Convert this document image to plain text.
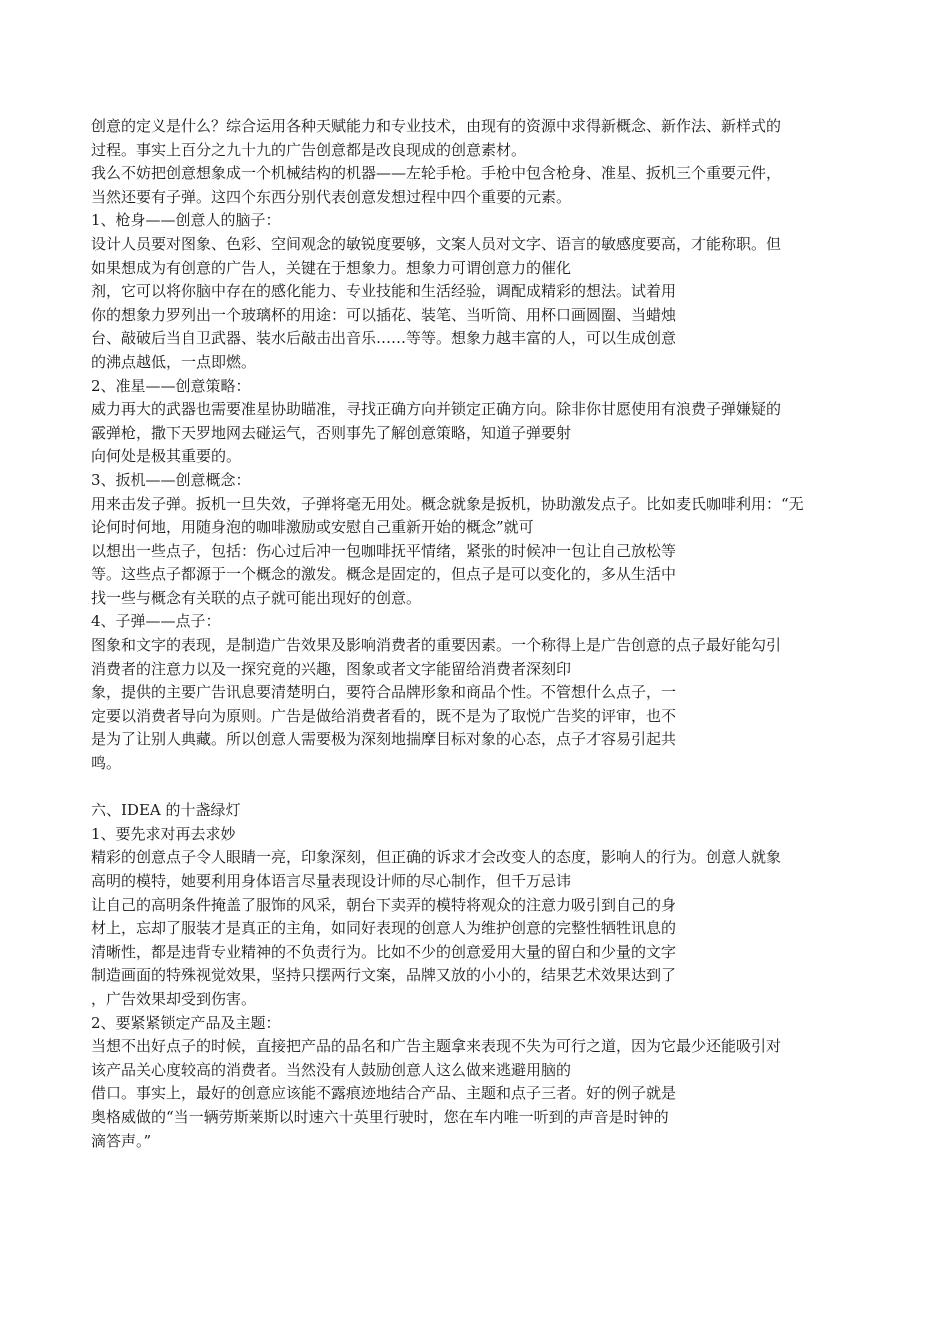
创意的定义是什么？综合运用各种天赋能力和专业技术，由现有的资源中求得新概念、新作法、新样式的
过程。事实上百分之九十九的广告创意都是改良现成的创意素材。
我么不妨把创意想象成一个机械结构的机器——左轮手枪。手枪中包含枪身、准星、扳机三个重要元件，
当然还要有子弹。这四个东西分别代表创意发想过程中四个重要的元素。
1、枪身——创意人的脑子：
设计人员要对图象、色彩、空间观念的敏锐度要够，文案人员对文字、语言的敏感度要高，才能称职。但
如果想成为有创意的广告人，关键在于想象力。想象力可谓创意力的催化
剂，它可以将你脑中存在的感化能力、专业技能和生活经验，调配成精彩的想法。试着用
你的想象力罗列出一个玻璃杯的用途：可以插花、装笔、当听筒、用杯口画圆圈、当蜡烛
台、敲破后当自卫武器、装水后敲击出音乐……等等。想象力越丰富的人，可以生成创意
的沸点越低，一点即燃。
2、准星——创意策略：
威力再大的武器也需要准星协助瞄准，寻找正确方向并锁定正确方向。除非你甘愿使用有浪费子弹嫌疑的
霰弹枪，撒下天罗地网去碰运气，否则事先了解创意策略，知道子弹要射
向何处是极其重要的。
3、扳机——创意概念：
用来击发子弹。扳机一旦失效，子弹将毫无用处。概念就象是扳机，协助激发点子。比如麦氏咖啡利用：“无
论何时何地，用随身泡的咖啡激励或安慰自己重新开始的概念”就可
以想出一些点子，包括：伤心过后冲一包咖啡抚平情绪，紧张的时候冲一包让自己放松等
等。这些点子都源于一个概念的激发。概念是固定的，但点子是可以变化的，多从生活中
找一些与概念有关联的点子就可能出现好的创意。
4、子弹——点子：
图象和文字的表现，是制造广告效果及影响消费者的重要因素。一个称得上是广告创意的点子最好能勾引
消费者的注意力以及一探究竟的兴趣，图象或者文字能留给消费者深刻印
象，提供的主要广告讯息要清楚明白，要符合品牌形象和商品个性。不管想什么点子，一
定要以消费者导向为原则。广告是做给消费者看的，既不是为了取悦广告奖的评审，也不
是为了让别人典藏。所以创意人需要极为深刻地揣摩目标对象的心态，点子才容易引起共
鸣。
六、IDEA 的十盏绿灯
1、要先求对再去求妙
精彩的创意点子令人眼睛一亮，印象深刻，但正确的诉求才会改变人的态度，影响人的行为。创意人就象
高明的模特，她要利用身体语言尽量表现设计师的尽心制作，但千万忌讳
让自己的高明条件掩盖了服饰的风采，朝台下卖弄的模特将观众的注意力吸引到自己的身
材上，忘却了服装才是真正的主角，如同好表现的创意人为维护创意的完整性牺牲讯息的
清晰性，都是违背专业精神的不负责行为。比如不少的创意爱用大量的留白和少量的文字
制造画面的特殊视觉效果，坚持只摆两行文案，品牌又放的小小的，结果艺术效果达到了
，广告效果却受到伤害。
2、要紧紧锁定产品及主题：
当想不出好点子的时候，直接把产品的品名和广告主题拿来表现不失为可行之道，因为它最少还能吸引对
该产品关心度较高的消费者。当然没有人鼓励创意人这么做来逃避用脑的
借口。事实上，最好的创意应该能不露痕迹地结合产品、主题和点子三者。好的例子就是
奥格威做的“当一辆劳斯莱斯以时速六十英里行驶时，您在车内唯一听到的声音是时钟的
滴答声。”
